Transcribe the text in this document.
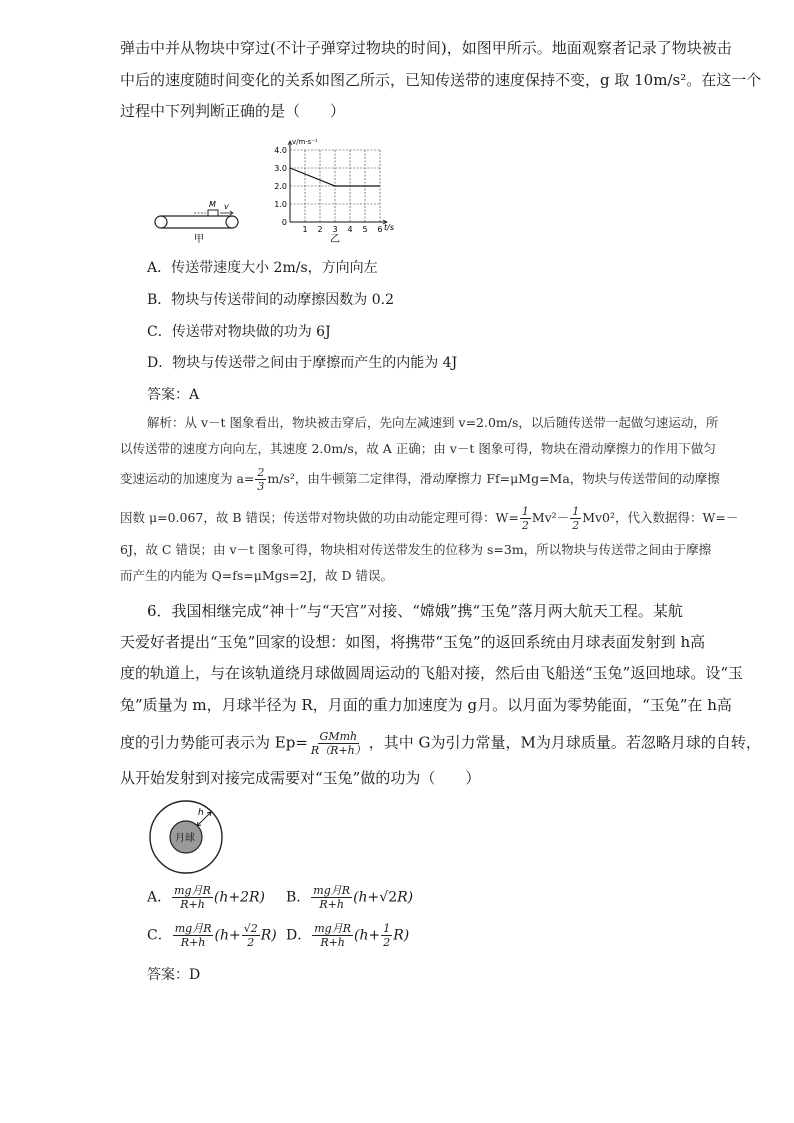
弹击中并从物块中穿过(不计子弹穿过物块的时间)，如图甲所示。地面观察者记录了物块被击
中后的速度随时间变化的关系如图乙所示，已知传送带的速度保持不变，g 取 10m/s²。在这一个
过程中下列判断正确的是（　　）
M v
甲
4.0
3.0
2.0
1.0
0
1 2 3 4 5 6
v/m·s⁻¹
t/s
乙
A．传送带速度大小 2m/s，方向向左
B．物块与传送带间的动摩擦因数为 0.2
C．传送带对物块做的功为 6J
D．物块与传送带之间由于摩擦而产生的内能为 4J
答案：A
解析：从 v－t 图象看出，物块被击穿后，先向左减速到 v=2.0m/s，以后随传送带一起做匀速运动，所
以传送带的速度方向向左，其速度 2.0m/s，故 A 正确；由 v－t 图象可得，物块在滑动摩擦力的作用下做匀
变速运动的加速度为 $a= \frac{2}{3} m/s^2$，由牛顿第二定律得，滑动摩擦力 Ff=μMg=Ma，物块与传送带间的动摩擦
因数 μ=0.067，故 B 错误；传送带对物块做的功由动能定理可得：$W= \frac{1}{2} Mv^2- \frac{1}{2} Mv0^2$，代入数据得：W=－
6J，故 C 错误；由 v－t 图象可得，物块相对传送带发生的位移为 s=3m，所以物块与传送带之间由于摩擦
而产生的内能为 Q=fs=μMgs=2J，故 D 错误。
6．我国相继完成“神十”与“天宫”对接、“嫦娥”携“玉兔”落月两大航天工程。某航
天爱好者提出“玉兔”回家的设想：如图，将携带“玉兔”的返回系统由月球表面发射到 h高
度的轨道上，与在该轨道绕月球做圆周运动的飞船对接，然后由飞船送“玉兔”返回地球。设“玉
兔”质量为 m，月球半径为 R，月面的重力加速度为 g月。以月面为零势能面，“玉兔”在 h高
度的引力势能可表示为 $Ep= \frac{\text{GMmh}}{R(R+h)}$ ，其中 G为引力常量，M为月球质量。若忽略月球的自转，
从开始发射到对接完成需要对“玉兔”做的功为（　　）
月球
h
A． $\frac{\text{mg月R}}{R+h} (h+2R)$ B． $\frac{\text{mg月R}}{R+h} (h+√2R)$
C． $\frac{\text{mg月R}}{R+h} (h+ \frac{√2}{2} R)$ D． $\frac{\text{mg月R}}{R+h} (h+ \frac{1}{2} R)$
答案：D
